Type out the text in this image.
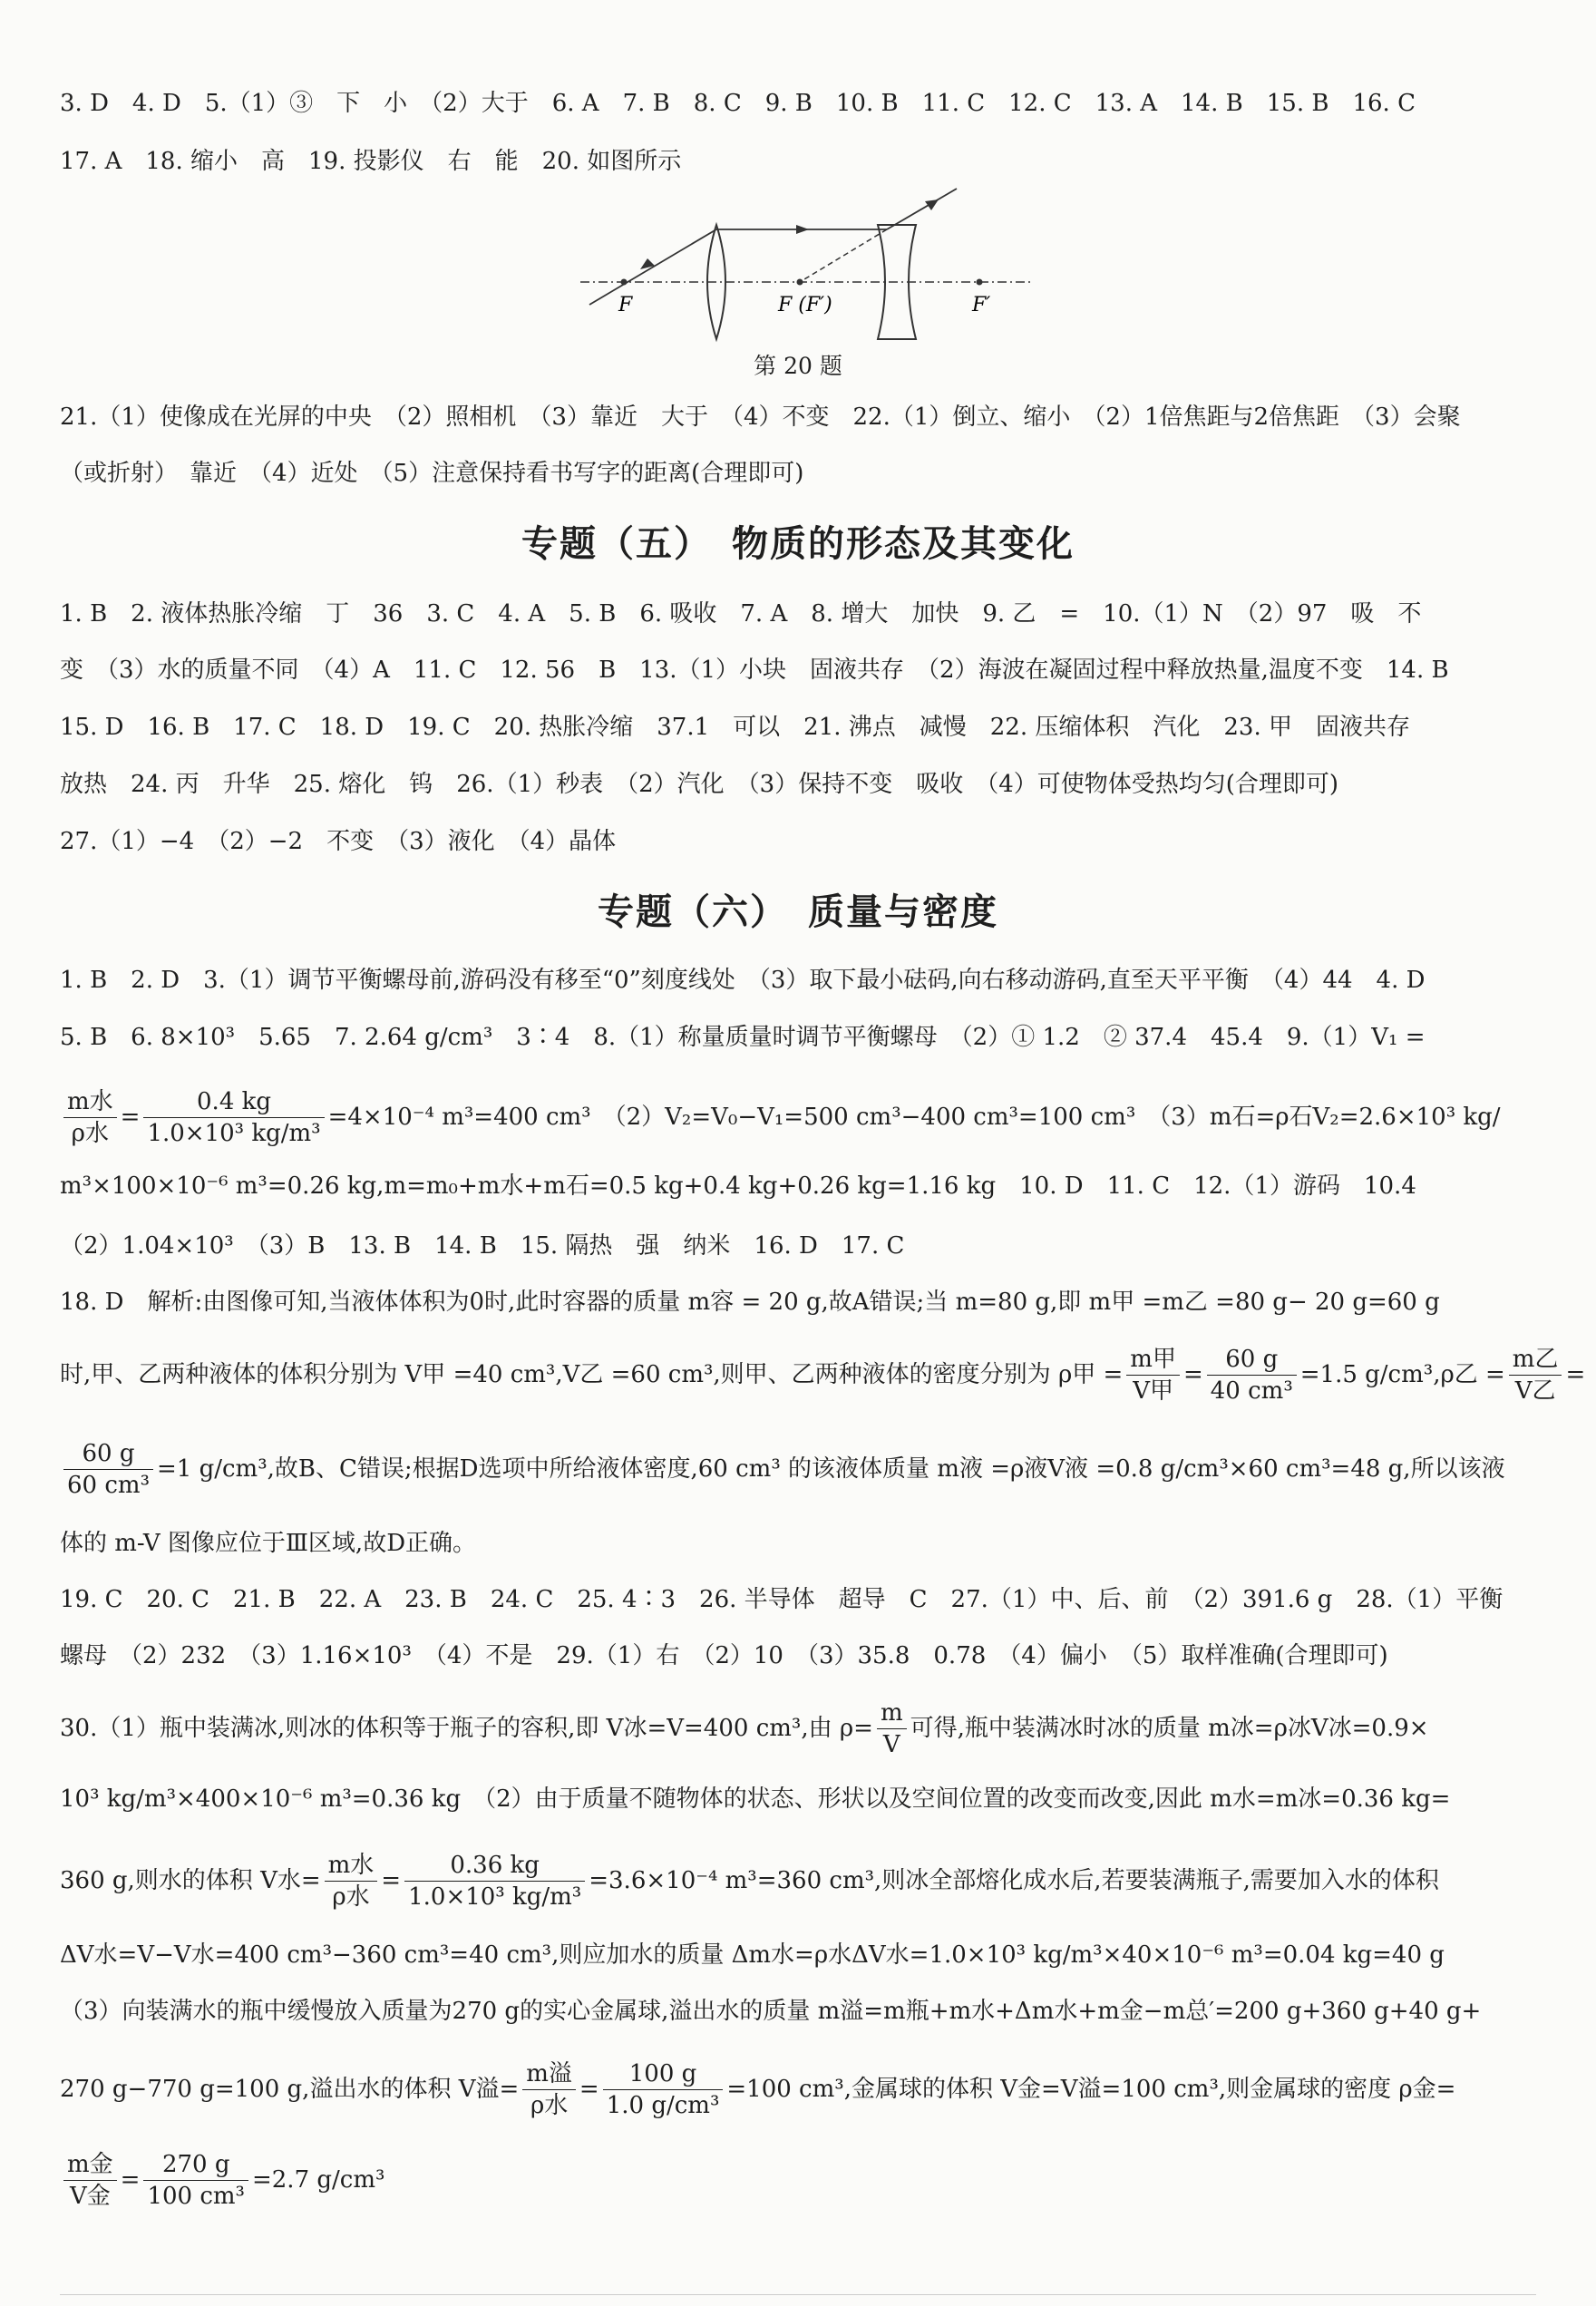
3. D　4. D　5.（1）③　下　小　（2）大于　6. A　7. B　8. C　9. B　10. B　11. C　12. C　13. A　14. B　15. B　16. C
17. A　18. 缩小　高　19. 投影仪　右　能　20. 如图所示
F	F (F′)	F′
第 20 题
21.（1）使像成在光屏的中央　（2）照相机　（3）靠近　大于　（4）不变　22.（1）倒立、缩小　（2）1倍焦距与2倍焦距　（3）会聚
（或折射）　靠近　（4）近处　（5）注意保持看书写字的距离(合理即可)
专题（五）　物质的形态及其变化
1. B　2. 液体热胀冷缩　丁　36　3. C　4. A　5. B　6. 吸收　7. A　8. 增大　加快　9. 乙　=　10.（1）N　（2）97　吸　不
变　（3）水的质量不同　（4）A　11. C　12. 56　B　13.（1）小块　固液共存　（2）海波在凝固过程中释放热量,温度不变　14. B
15. D　16. B　17. C　18. D　19. C　20. 热胀冷缩　37.1　可以　21. 沸点　减慢　22. 压缩体积　汽化　23. 甲　固液共存
放热　24. 丙　升华　25. 熔化　钨　26.（1）秒表　（2）汽化　（3）保持不变　吸收　（4）可使物体受热均匀(合理即可)
27.（1）−4　（2）−2　不变　（3）液化　（4）晶体
专题（六）　质量与密度
1. B　2. D　3.（1）调节平衡螺母前,游码没有移至“0”刻度线处　（3）取下最小砝码,向右移动游码,直至天平平衡　（4）44　4. D
5. B　6. 8×10³　5.65　7. 2.64 g/cm³　3∶4　8.（1）称量质量时调节平衡螺母　（2）① 1.2　② 37.4　45.4　9.（1）V₁ =
$\frac{\text{m水}}{\text{ρ水}} = \frac{0.4 kg}{\text{1.0×10³ kg/m³}} =4\times 10^{-4}$ m³=400 cm³　（2）V₂=V₀−V₁=500 cm³−400 cm³=100 cm³　（3）m石=ρ石V₂=2.6×10³ kg/
m³×100×10⁻⁶ m³=0.26 kg,m=m₀+m水+m石=0.5 kg+0.4 kg+0.26 kg=1.16 kg　10. D　11. C　12.（1）游码　10.4
（2）1.04×10³　（3）B　13. B　14. B　15. 隔热　强　纳米　16. D　17. C
18. D　解析:由图像可知,当液体体积为0时,此时容器的质量 m容 = 20 g,故A错误;当 m=80 g,即 m甲 =m乙 =80 g− 20 g=60 g
时,甲、乙两种液体的体积分别为 V甲 =40 cm³,V乙 =60 cm³,则甲、乙两种液体的密度分别为 ρ甲 = $\frac{\text{m甲}}{\text{V甲}} = \frac{60 g}{\text{40 cm³}} =1.5$ g/cm³,ρ乙 = $\frac{\text{m乙}}{\text{V乙}}$ =
$\frac{60 g}{\text{60 cm³}} =1$ g/cm³,故B、C错误;根据D选项中所给液体密度,60 cm³ 的该液体质量 m液 =ρ液V液 =0.8 g/cm³×60 cm³=48 g,所以该液
体的 m-V 图像应位于Ⅲ区域,故D正确。
19. C　20. C　21. B　22. A　23. B　24. C　25. 4∶3　26. 半导体　超导　C　27.（1）中、后、前　（2）391.6 g　28.（1）平衡
螺母　（2）232　（3）1.16×10³　（4）不是　29.（1）右　（2）10　（3）35.8　0.78　（4）偏小　（5）取样准确(合理即可)
30.（1）瓶中装满冰,则冰的体积等于瓶子的容积,即 V冰=V=400 cm³,由 $\rho= \frac{m}{V}$ 可得,瓶中装满冰时冰的质量 m冰=ρ冰V冰=0.9×
10³ kg/m³×400×10⁻⁶ m³=0.36 kg　（2）由于质量不随物体的状态、形状以及空间位置的改变而改变,因此 m水=m冰=0.36 kg=
360 g,则水的体积 V水= $\frac{\text{m水}}{\text{ρ水}} = \frac{0.36 kg}{\text{1.0×10³ kg/m³}} =3.6\times 10^{-4}$ m³=360 cm³,则冰全部熔化成水后,若要装满瓶子,需要加入水的体积
ΔV水=V−V水=400 cm³−360 cm³=40 cm³,则应加水的质量 Δm水=ρ水ΔV水=1.0×10³ kg/m³×40×10⁻⁶ m³=0.04 kg=40 g
（3）向装满水的瓶中缓慢放入质量为270 g的实心金属球,溢出水的质量 m溢=m瓶+m水+Δm水+m金−m总′=200 g+360 g+40 g+
270 g−770 g=100 g,溢出水的体积 V溢= $\frac{\text{m溢}}{\text{ρ水}} = \frac{100 g}{\text{1.0 g/cm³}} =100$ cm³,金属球的体积 V金=V溢=100 cm³,则金属球的密度 ρ金=
$\frac{\text{m金}}{\text{V金}} = \frac{270 g}{\text{100 cm³}} =2.7$ g/cm³
